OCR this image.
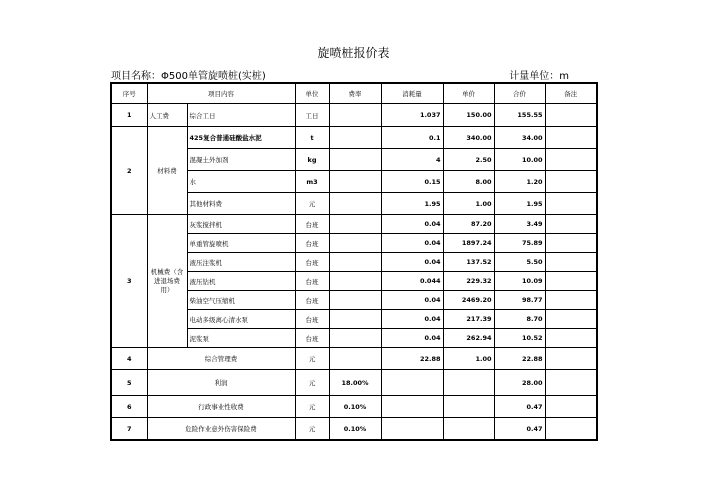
旋喷桩报价表
项目名称：Φ500单管旋喷桩(实桩)	计量单位：m
序号	项目内容		单位	费率	消耗量	单价	合价	备注
1	人工费	综合工日	工日		1.037	150.00	155.55	
2	材料费	425复合普通硅酸盐水泥	t		0.1	340.00	34.00	
		混凝土外加剂	kg		4	2.50	10.00	
		水	m3		0.15	8.00	1.20	
		其他材料费	元		1.95	1.00	1.95	
3	机械费（含进退场费用）	灰浆搅拌机	台班		0.04	87.20	3.49	
		单重管旋喷机	台班		0.04	1897.24	75.89	
		液压注浆机	台班		0.04	137.52	5.50	
		液压钻机	台班		0.044	229.32	10.09	
		柴油空气压缩机	台班		0.04	2469.20	98.77	
		电动多级离心清水泵	台班		0.04	217.39	8.70	
		泥浆泵	台班		0.04	262.94	10.52	
4	综合管理费		元		22.88	1.00	22.88	
5	利润		元	18.00%			28.00	
6	行政事业性收费		元	0.10%			0.47	
7	危险作业意外伤害保险费		元	0.10%			0.47	
